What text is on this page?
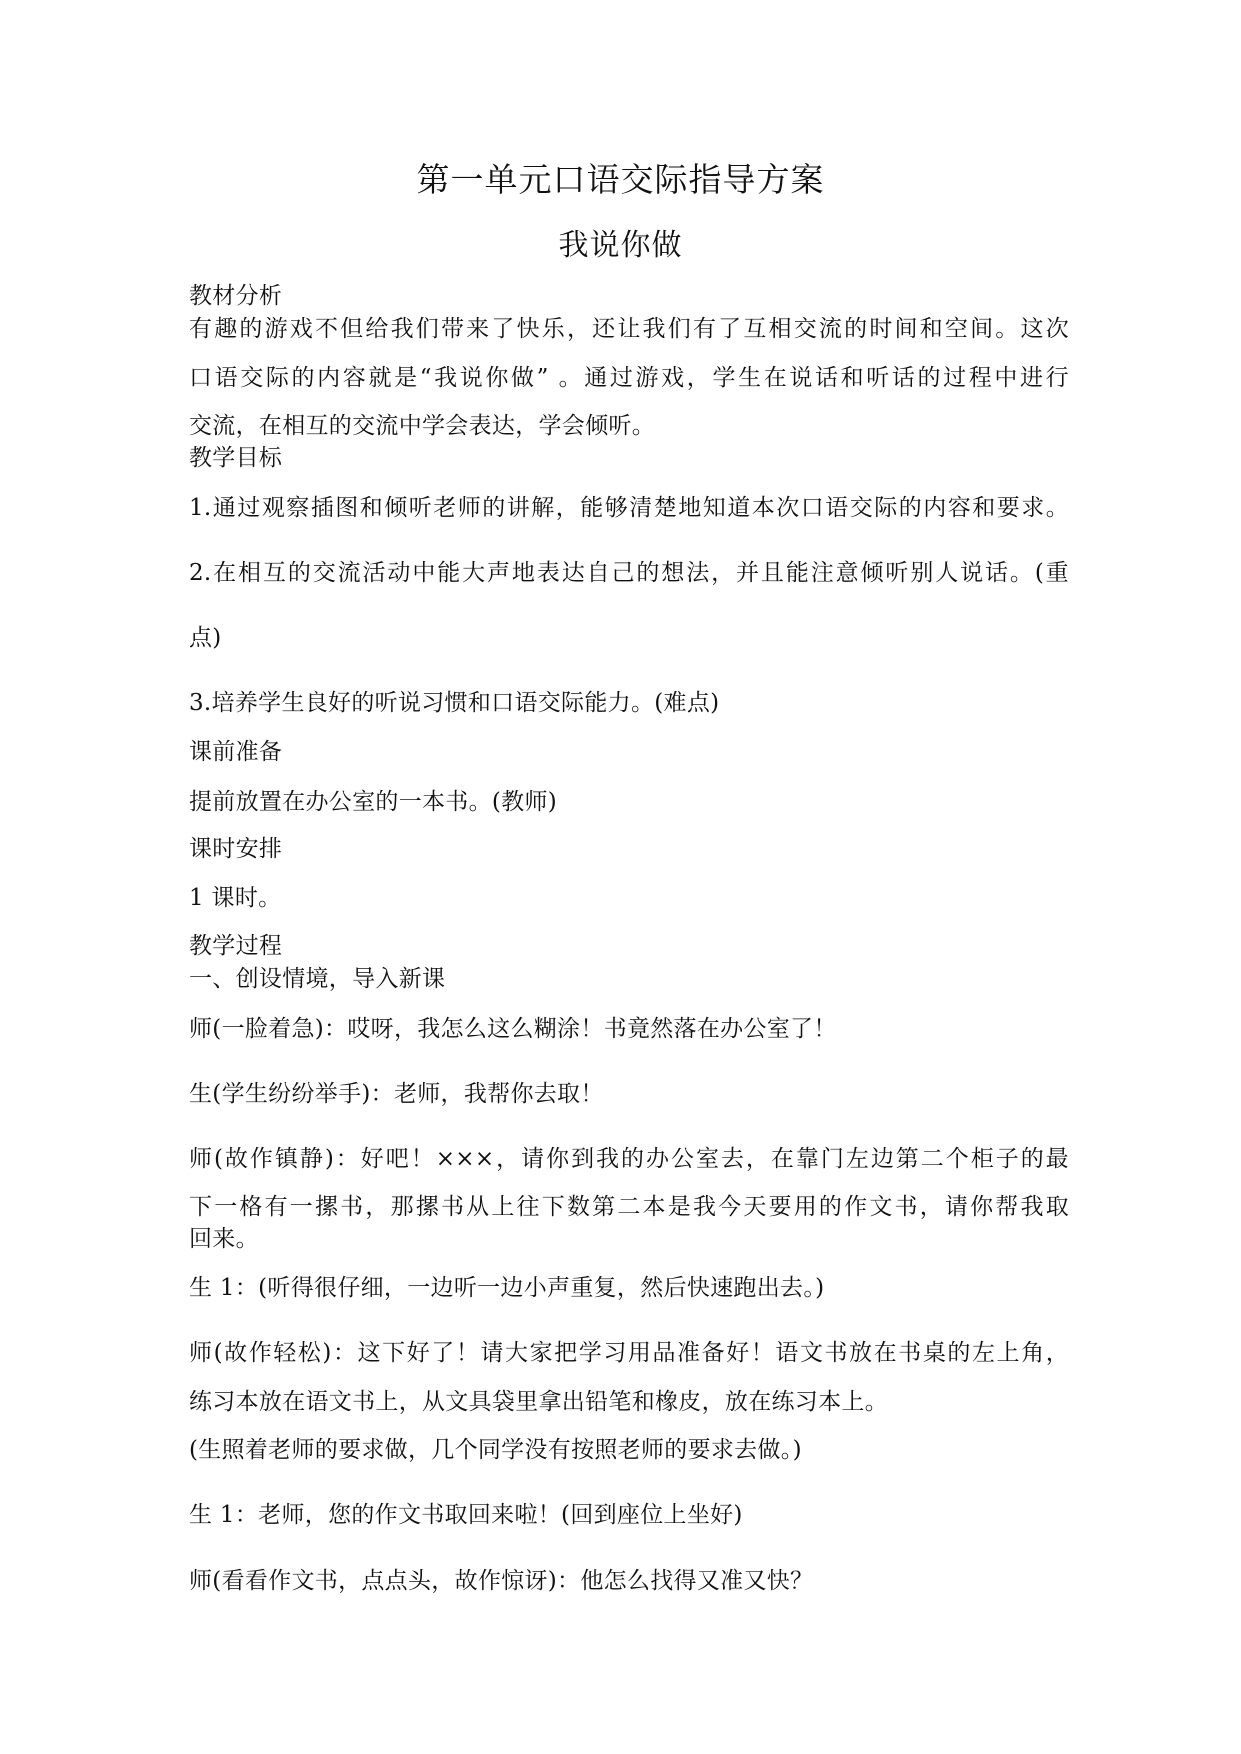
第一单元口语交际指导方案
我说你做
教材分析
有趣的游戏不但给我们带来了快乐，还让我们有了互相交流的时间和空间。这次
口语交际的内容就是“我说你做” 。通过游戏，学生在说话和听话的过程中进行
交流，在相互的交流中学会表达，学会倾听。
教学目标
1.通过观察插图和倾听老师的讲解，能够清楚地知道本次口语交际的内容和要求。
2.在相互的交流活动中能大声地表达自己的想法，并且能注意倾听别人说话。(重
点)
3.培养学生良好的听说习惯和口语交际能力。(难点)
课前准备
提前放置在办公室的一本书。(教师)
课时安排
1 课时。
教学过程
一、创设情境，导入新课
师(一脸着急)：哎呀，我怎么这么糊涂！书竟然落在办公室了！
生(学生纷纷举手)：老师，我帮你去取！
师(故作镇静)：好吧！×××，请你到我的办公室去，在靠门左边第二个柜子的最
下一格有一摞书，那摞书从上往下数第二本是我今天要用的作文书，请你帮我取
回来。
生 1：(听得很仔细，一边听一边小声重复，然后快速跑出去。)
师(故作轻松)：这下好了！请大家把学习用品准备好！语文书放在书桌的左上角，
练习本放在语文书上，从文具袋里拿出铅笔和橡皮，放在练习本上。
(生照着老师的要求做，几个同学没有按照老师的要求去做。)
生 1：老师，您的作文书取回来啦！(回到座位上坐好)
师(看看作文书，点点头，故作惊讶)：他怎么找得又准又快？
